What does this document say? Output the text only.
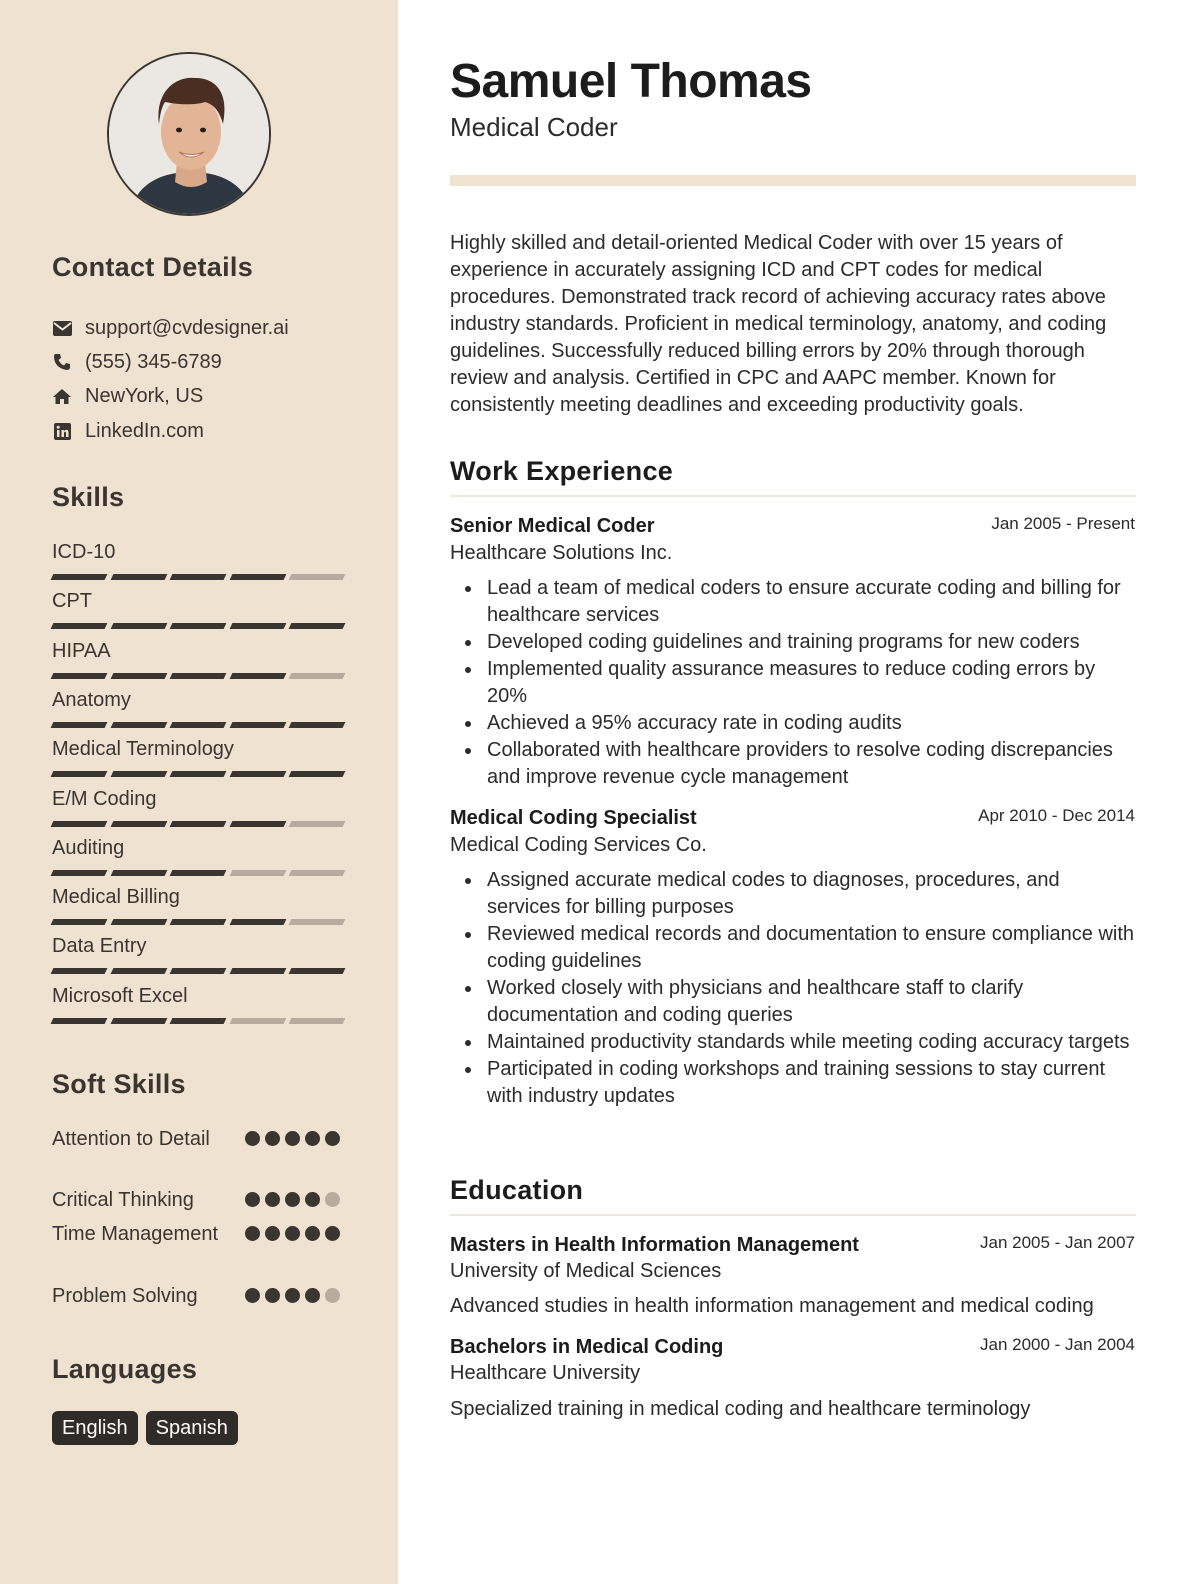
Contact Details
support@cvdesigner.ai
(555) 345-6789
NewYork, US
LinkedIn.com
Skills
ICD-10
CPT
HIPAA
Anatomy
Medical Terminology
E/M Coding
Auditing
Medical Billing
Data Entry
Microsoft Excel
Soft Skills
Attention to Detail
Critical Thinking
Time Management
Problem Solving
Languages
English	Spanish
Samuel Thomas
Medical Coder
Highly skilled and detail-oriented Medical Coder with over 15 years of experience in accurately assigning ICD and CPT codes for medical procedures. Demonstrated track record of achieving accuracy rates above industry standards. Proficient in medical terminology, anatomy, and coding guidelines. Successfully reduced billing errors by 20% through thorough review and analysis. Certified in CPC and AAPC member. Known for consistently meeting deadlines and exceeding productivity goals.
Work Experience
Senior Medical Coder	Jan 2005 - Present
Healthcare Solutions Inc.
Lead a team of medical coders to ensure accurate coding and billing for healthcare services
Developed coding guidelines and training programs for new coders
Implemented quality assurance measures to reduce coding errors by 20%
Achieved a 95% accuracy rate in coding audits
Collaborated with healthcare providers to resolve coding discrepancies and improve revenue cycle management
Medical Coding Specialist	Apr 2010 - Dec 2014
Medical Coding Services Co.
Assigned accurate medical codes to diagnoses, procedures, and services for billing purposes
Reviewed medical records and documentation to ensure compliance with coding guidelines
Worked closely with physicians and healthcare staff to clarify documentation and coding queries
Maintained productivity standards while meeting coding accuracy targets
Participated in coding workshops and training sessions to stay current with industry updates
Education
Masters in Health Information Management	Jan 2005 - Jan 2007
University of Medical Sciences
Advanced studies in health information management and medical coding
Bachelors in Medical Coding	Jan 2000 - Jan 2004
Healthcare University
Specialized training in medical coding and healthcare terminology
